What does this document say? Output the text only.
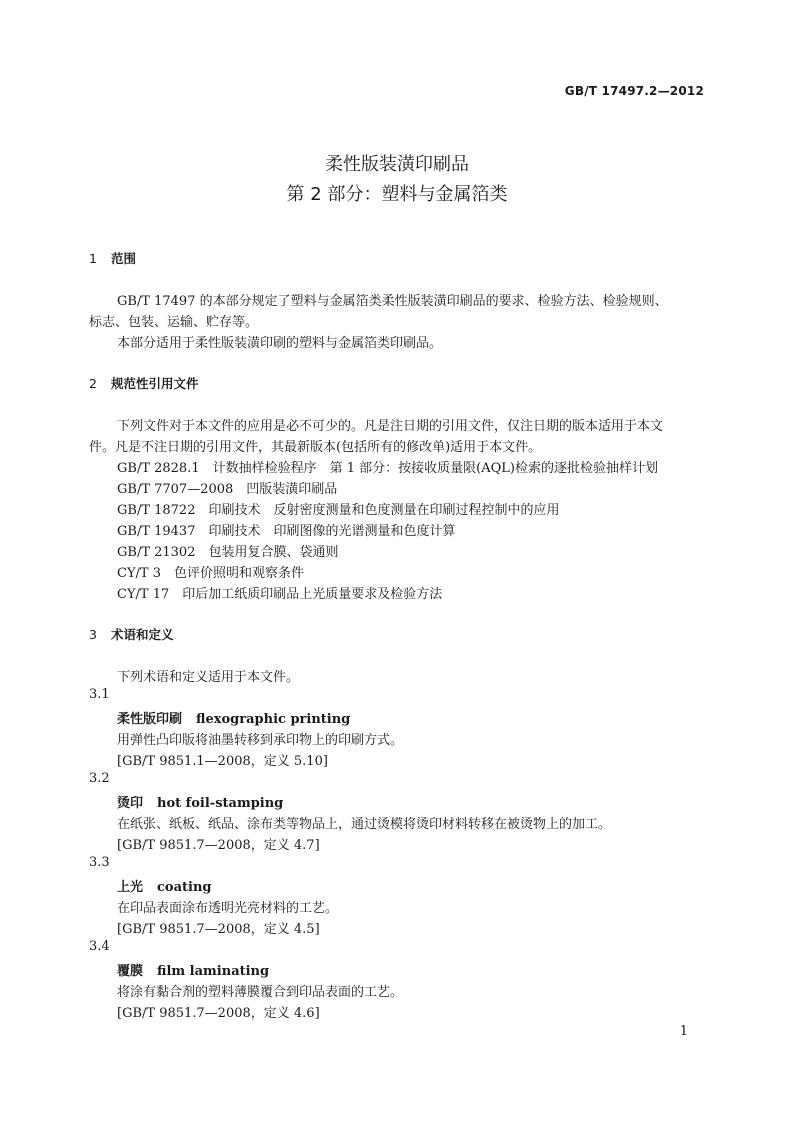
GB/T 17497.2—2012
柔性版装潢印刷品
第 2 部分：塑料与金属箔类
1 范围
GB/T 17497 的本部分规定了塑料与金属箔类柔性版装潢印刷品的要求、检验方法、检验规则、
标志、包装、运输、贮存等。
本部分适用于柔性版装潢印刷的塑料与金属箔类印刷品。
2 规范性引用文件
下列文件对于本文件的应用是必不可少的。凡是注日期的引用文件，仅注日期的版本适用于本文
件。凡是不注日期的引用文件，其最新版本(包括所有的修改单)适用于本文件。
GB/T 2828.1　计数抽样检验程序　第 1 部分：按接收质量限(AQL)检索的逐批检验抽样计划
GB/T 7707—2008　凹版装潢印刷品
GB/T 18722　印刷技术　反射密度测量和色度测量在印刷过程控制中的应用
GB/T 19437　印刷技术　印刷图像的光谱测量和色度计算
GB/T 21302　包装用复合膜、袋通则
CY/T 3　色评价照明和观察条件
CY/T 17　印后加工纸质印刷品上光质量要求及检验方法
3 术语和定义
下列术语和定义适用于本文件。
3.1
柔性版印刷 flexographic printing
用弹性凸印版将油墨转移到承印物上的印刷方式。
[GB/T 9851.1—2008，定义 5.10]
3.2
烫印 hot foil-stamping
在纸张、纸板、纸品、涂布类等物品上，通过烫模将烫印材料转移在被烫物上的加工。
[GB/T 9851.7—2008，定义 4.7]
3.3
上光 coating
在印品表面涂布透明光亮材料的工艺。
[GB/T 9851.7—2008，定义 4.5]
3.4
覆膜 film laminating
将涂有黏合剂的塑料薄膜覆合到印品表面的工艺。
[GB/T 9851.7—2008，定义 4.6]
1
